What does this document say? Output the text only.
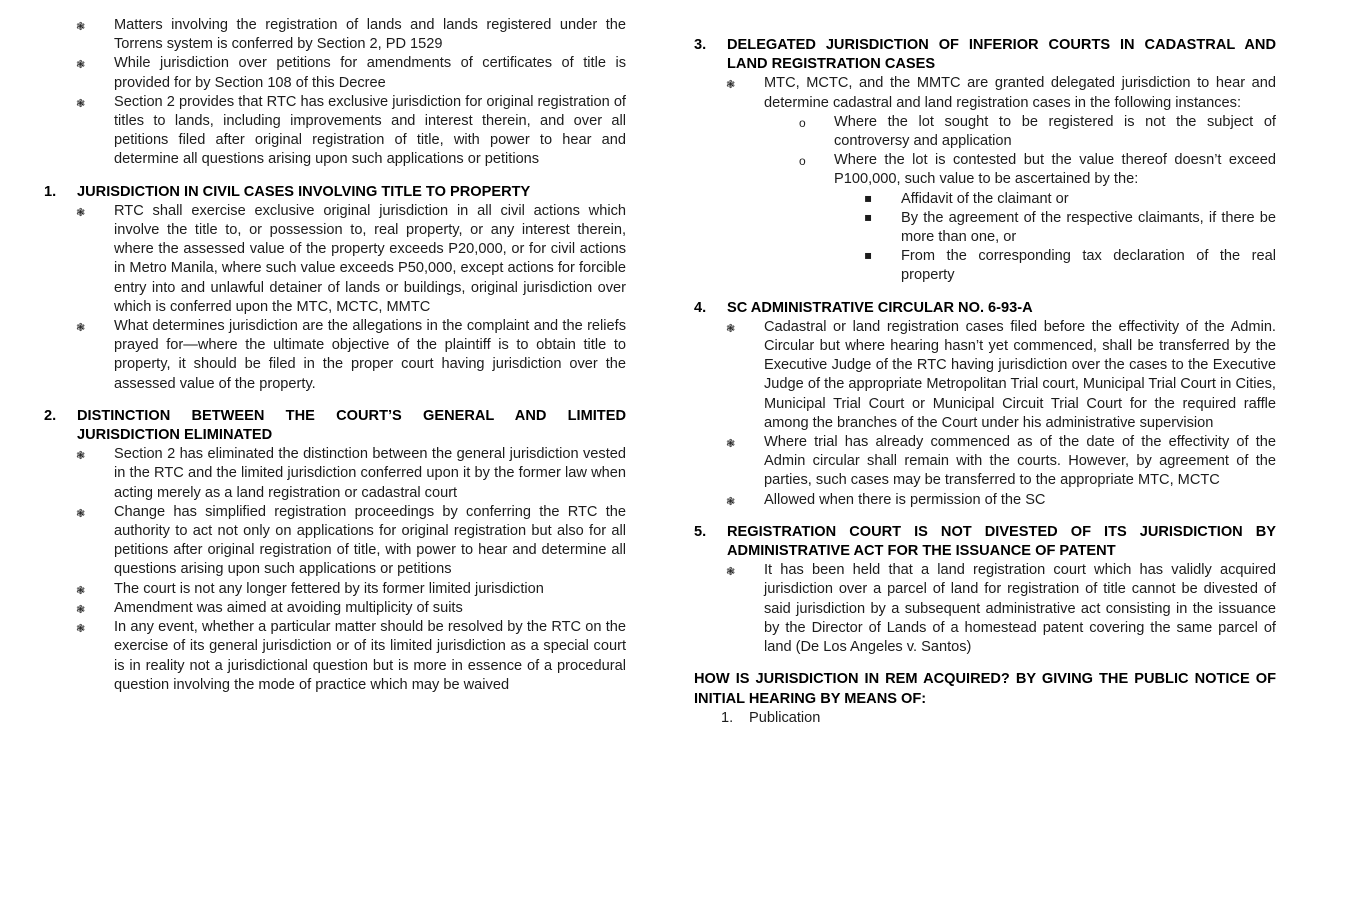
❃ Matters involving the registration of lands and lands registered under the Torrens system is conferred by Section 2, PD 1529
❃ While jurisdiction over petitions for amendments of certificates of title is provided for by Section 108 of this Decree
❃ Section 2 provides that RTC has exclusive jurisdiction for original registration of titles to lands, including improvements and interest therein, and over all petitions filed after original registration of title, with power to hear and determine all questions arising upon such applications or petitions
1. JURISDICTION IN CIVIL CASES INVOLVING TITLE TO PROPERTY
❃ RTC shall exercise exclusive original jurisdiction in all civil actions which involve the title to, or possession to, real property, or any interest therein, where the assessed value of the property exceeds P20,000, or for civil actions in Metro Manila, where such value exceeds P50,000, except actions for forcible entry into and unlawful detainer of lands or buildings, original jurisdiction over which is conferred upon the MTC, MCTC, MMTC
❃ What determines jurisdiction are the allegations in the complaint and the reliefs prayed for—where the ultimate objective of the plaintiff is to obtain title to property, it should be filed in the proper court having jurisdiction over the assessed value of the property.
2. DISTINCTION BETWEEN THE COURT’S GENERAL AND LIMITED JURISDICTION ELIMINATED
❃ Section 2 has eliminated the distinction between the general jurisdiction vested in the RTC and the limited jurisdiction conferred upon it by the former law when acting merely as a land registration or cadastral court
❃ Change has simplified registration proceedings by conferring the RTC the authority to act not only on applications for original registration but also for all petitions after original registration of title, with power to hear and determine all questions arising upon such applications or petitions
❃ The court is not any longer fettered by its former limited jurisdiction
❃ Amendment was aimed at avoiding multiplicity of suits
❃ In any event, whether a particular matter should be resolved by the RTC on the exercise of its general jurisdiction or of its limited jurisdiction as a special court is in reality not a jurisdictional question but is more in essence of a procedural question involving the mode of practice which may be waived
3. DELEGATED JURISDICTION OF INFERIOR COURTS IN CADASTRAL AND LAND REGISTRATION CASES
❃ MTC, MCTC, and the MMTC are granted delegated jurisdiction to hear and determine cadastral and land registration cases in the following instances:
o Where the lot sought to be registered is not the subject of controversy and application
o Where the lot is contested but the value thereof doesn’t exceed P100,000, such value to be ascertained by the:
▪ Affidavit of the claimant or
▪ By the agreement of the respective claimants, if there be more than one, or
▪ From the corresponding tax declaration of the real property
4. SC ADMINISTRATIVE CIRCULAR NO. 6-93-A
❃ Cadastral or land registration cases filed before the effectivity of the Admin. Circular but where hearing hasn’t yet commenced, shall be transferred by the Executive Judge of the RTC having jurisdiction over the cases to the Executive Judge of the appropriate Metropolitan Trial court, Municipal Trial Court in Cities, Municipal Trial Court or Municipal Circuit Trial Court for the required raffle among the branches of the Court under his administrative supervision
❃ Where trial has already commenced as of the date of the effectivity of the Admin circular shall remain with the courts. However, by agreement of the parties, such cases may be transferred to the appropriate MTC, MCTC
❃ Allowed when there is permission of the SC
5. REGISTRATION COURT IS NOT DIVESTED OF ITS JURISDICTION BY ADMINISTRATIVE ACT FOR THE ISSUANCE OF PATENT
❃ It has been held that a land registration court which has validly acquired jurisdiction over a parcel of land for registration of title cannot be divested of said jurisdiction by a subsequent administrative act consisting in the issuance by the Director of Lands of a homestead patent covering the same parcel of land (De Los Angeles v. Santos)
HOW IS JURISDICTION IN REM ACQUIRED? BY GIVING THE PUBLIC NOTICE OF INITIAL HEARING BY MEANS OF:
1. Publication
